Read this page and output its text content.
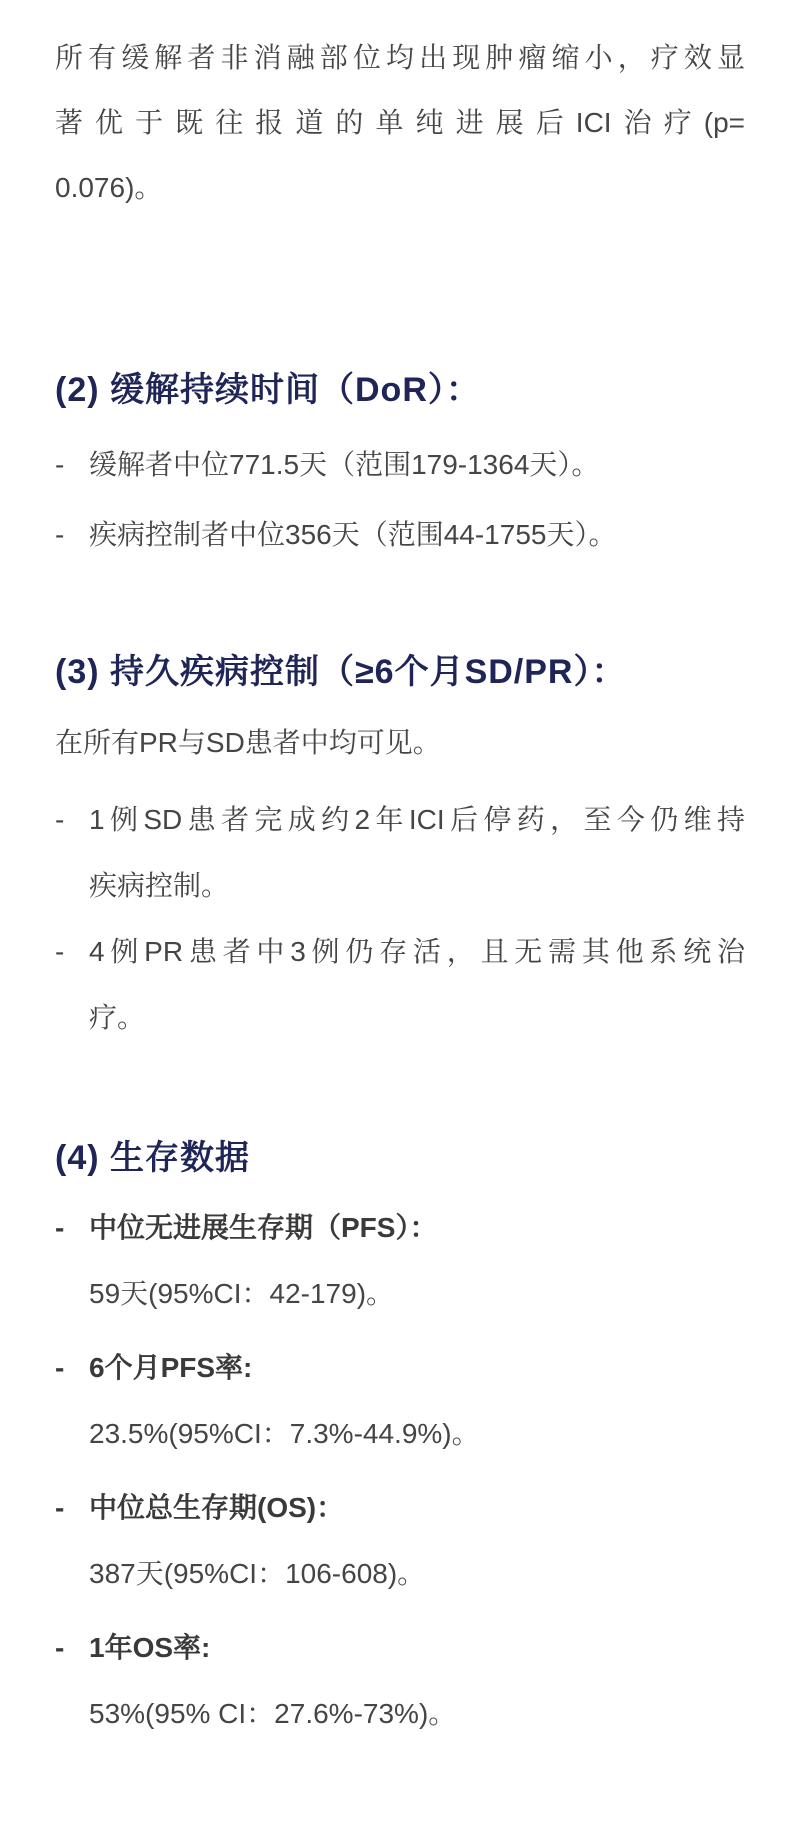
所有缓解者非消融部位均出现肿瘤缩小，疗效显
著优于既往报道的单纯进展后ICI治疗(p=
0.076)。
(2) 缓解持续时间（DoR）：
- 缓解者中位771.5天（范围179-1364天）。
- 疾病控制者中位356天（范围44-1755天）。
(3) 持久疾病控制（≥6个月SD/PR）：
在所有PR与SD患者中均可见。
- 1例SD患者完成约2年ICI后停药，至今仍维持
疾病控制。
- 4例PR患者中3例仍存活，且无需其他系统治
疗。
(4) 生存数据
- 中位无进展生存期（PFS）：
59天(95%CI：42-179)。
- 6个月PFS率:
23.5%(95%CI：7.3%-44.9%)。
- 中位总生存期(OS)：
387天(95%CI：106-608)。
- 1年OS率:
53%(95% CI：27.6%-73%)。
